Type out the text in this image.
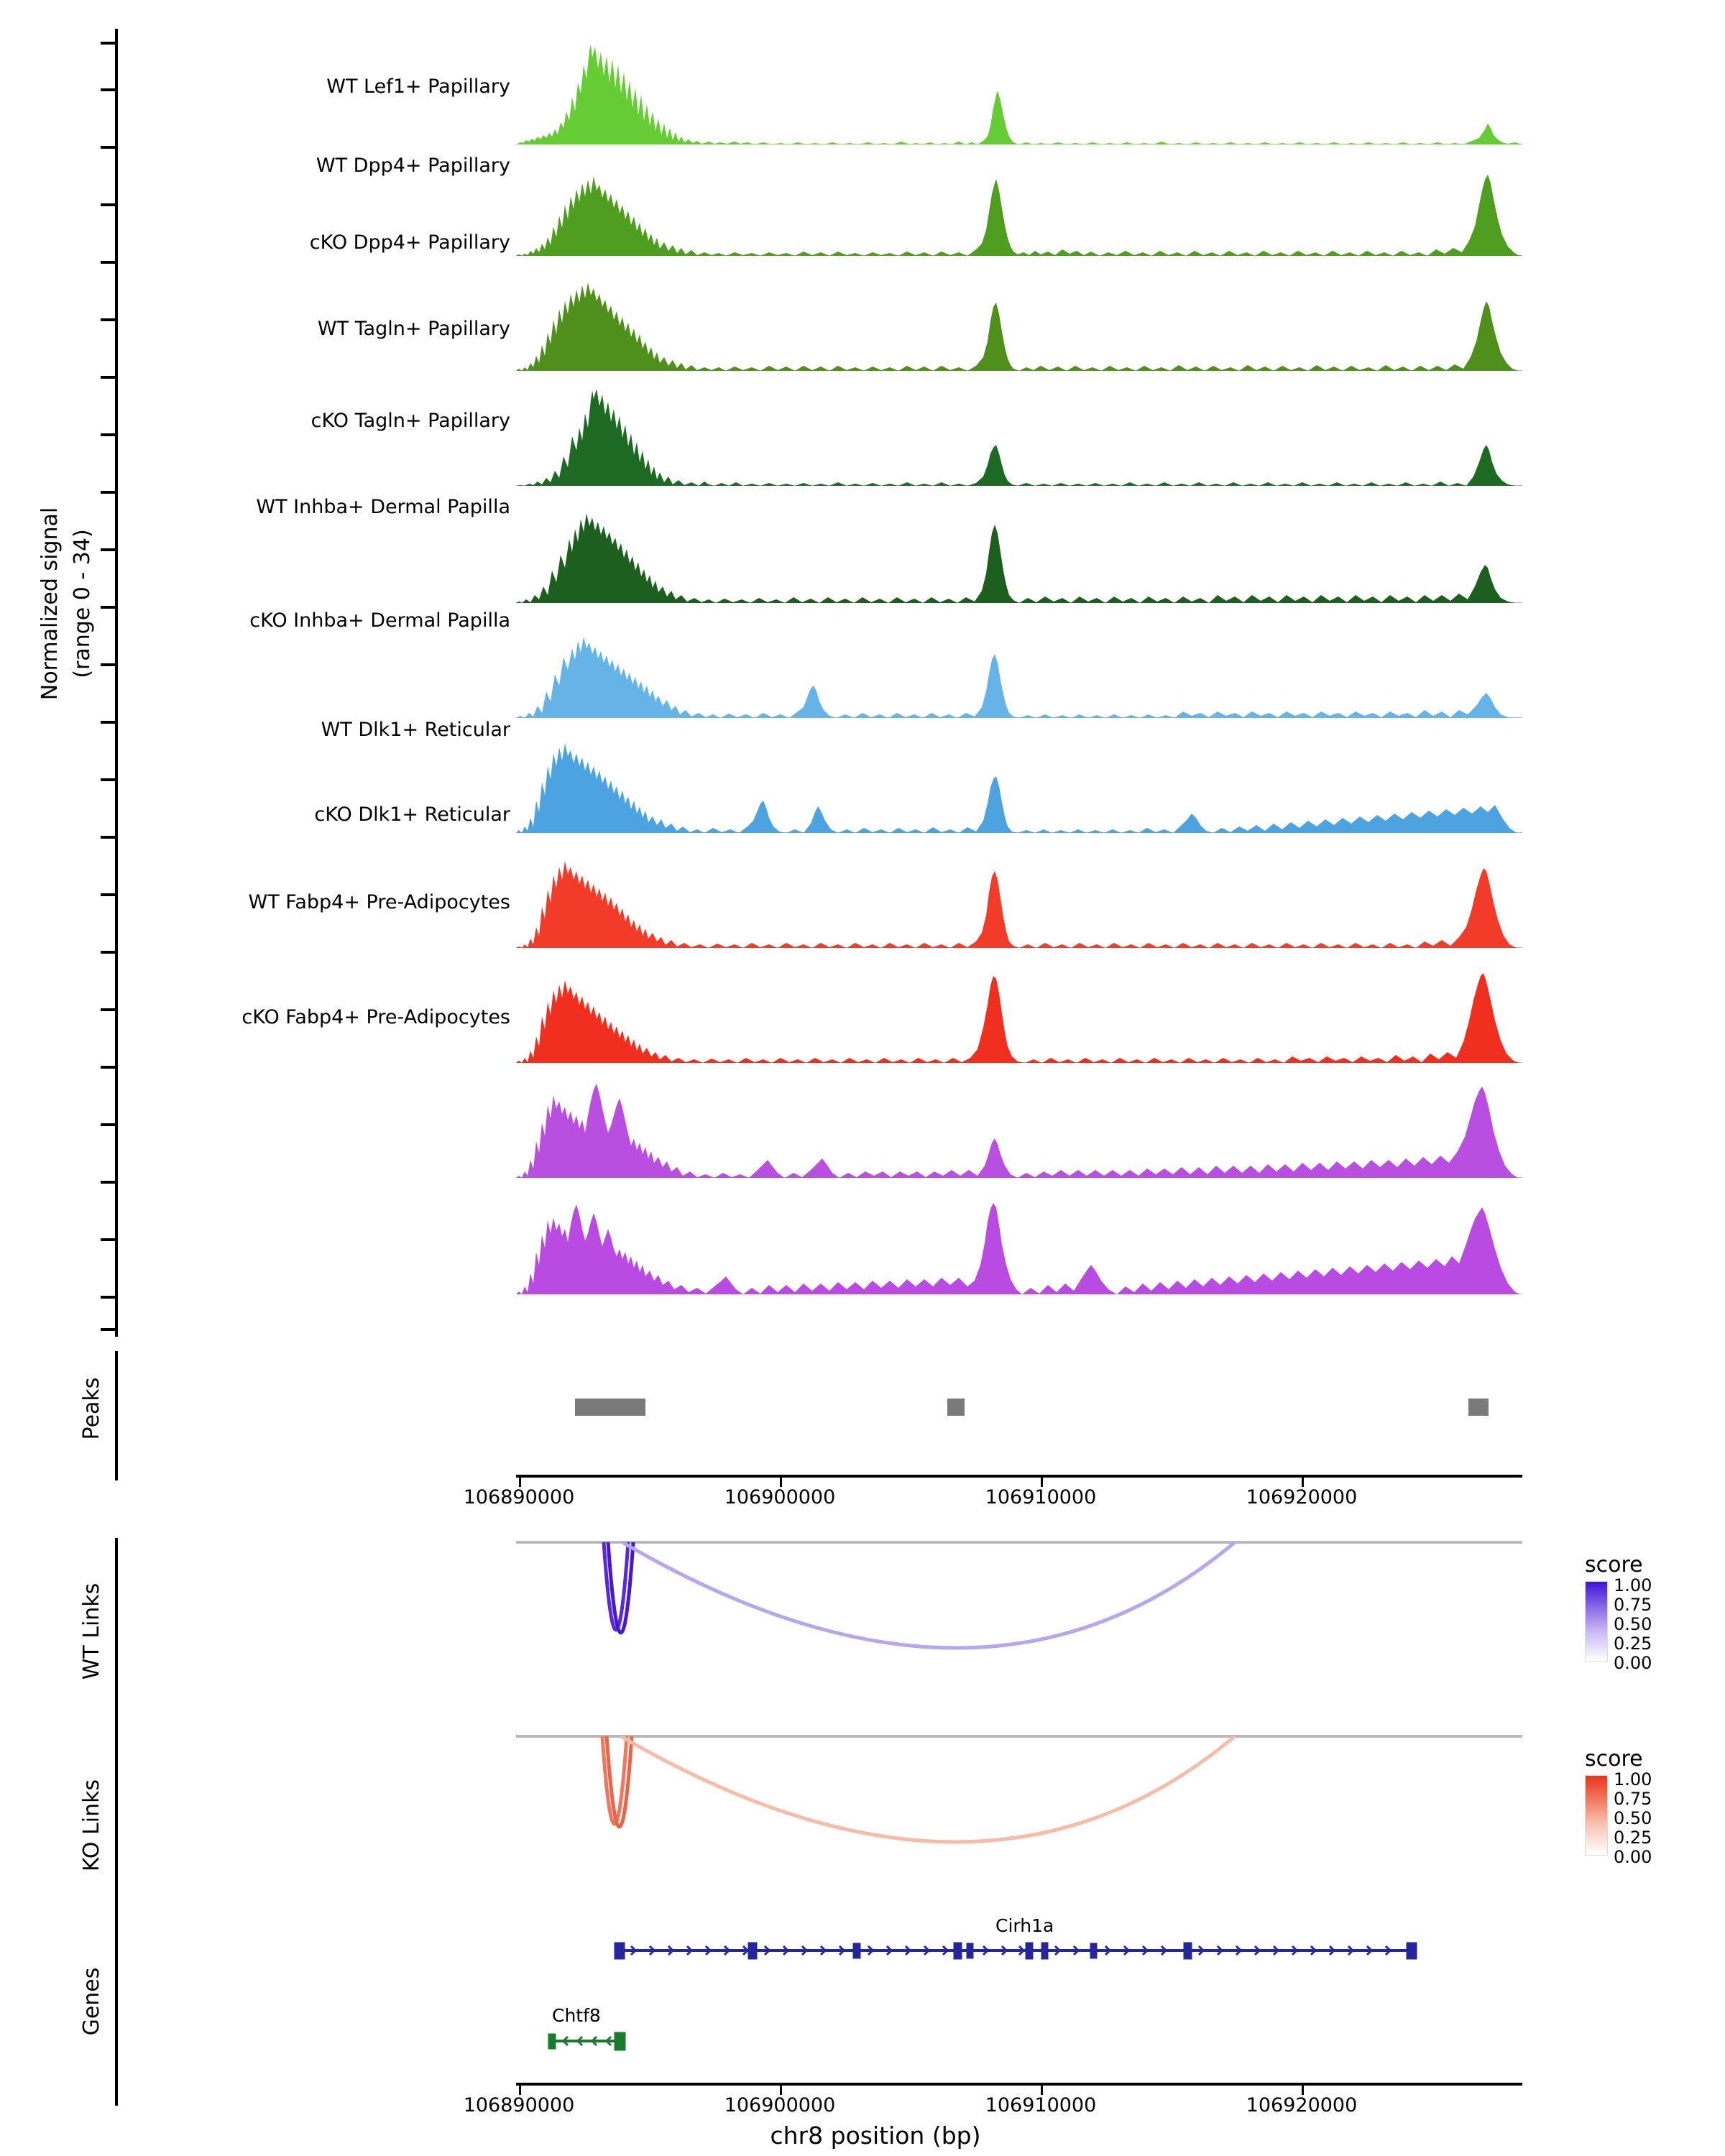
Normalized signal (range 0 - 34)
WT Lef1+ Papillary
WT Dpp4+ Papillary
cKO Dpp4+ Papillary
WT Tagln+ Papillary
cKO Tagln+ Papillary
WT Inhba+ Dermal Papilla
cKO Inhba+ Dermal Papilla
WT Dlk1+ Reticular
cKO Dlk1+ Reticular
WT Fabp4+ Pre-Adipocytes
cKO Fabp4+ Pre-Adipocytes
Peaks
106890000	106900000	106910000	106920000
WT Links
score
1.00
0.75
0.50
0.25
0.00
KO Links
score
1.00
0.75
0.50
0.25
0.00
Genes
Cirh1a
Chtf8
106890000	106900000	106910000	106920000
chr8 position (bp)
